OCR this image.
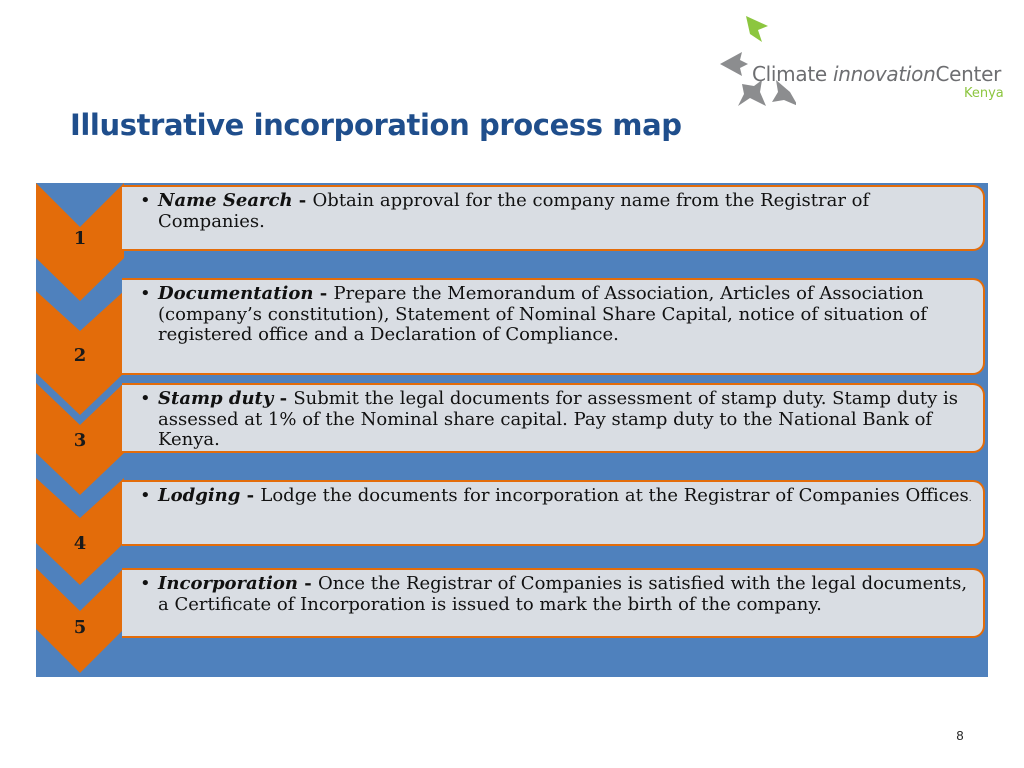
Climate innovationCenter
Kenya
Illustrative incorporation process map
1
2
3
4
5
• Name Search - Obtain approval for the company name from the Registrar of Companies.
• Documentation - Prepare the Memorandum of Association, Articles of Association (company’s constitution), Statement of Nominal Share Capital, notice of situation of registered office and a Declaration of Compliance.
• Stamp duty - Submit the legal documents for assessment of stamp duty. Stamp duty is assessed at 1% of the Nominal share capital. Pay stamp duty to the National Bank of Kenya.
• Lodging - Lodge the documents for incorporation at the Registrar of Companies Offices.
• Incorporation - Once the Registrar of Companies is satisfied with the legal documents, a Certificate of Incorporation is issued to mark the birth of the company.
8
